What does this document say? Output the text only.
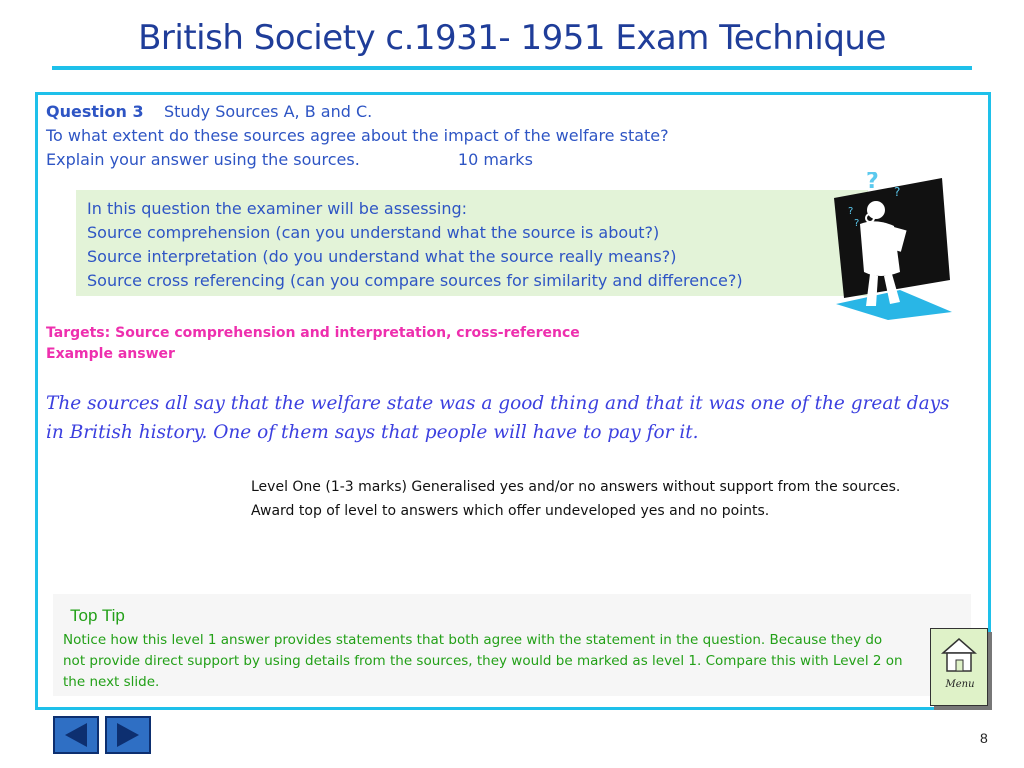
British Society c.1931- 1951 Exam Technique
Question 3 Study Sources A, B and C.
To what extent do these sources agree about the impact of the welfare state?
Explain your answer using the sources.	10 marks
In this question the examiner will be assessing:
Source comprehension (can you understand what the source is about?)
Source interpretation (do you understand what the source really means?)
Source cross referencing (can you compare sources for similarity and difference?)
? ?
?
?
Targets: Source comprehension and interpretation, cross-reference
Example answer
The sources all say that the welfare state was a good thing and that it was one of the great days in British history. One of them says that people will have to pay for it.
Level One (1-3 marks) Generalised yes and/or no answers without support from the sources.
Award top of level to answers which offer undeveloped yes and no points.
Top Tip
Notice how this level 1 answer provides statements that both agree with the statement in the question. Because they do not provide direct support by using details from the sources, they would be marked as level 1. Compare this with Level 2 on the next slide.	Menu
8
